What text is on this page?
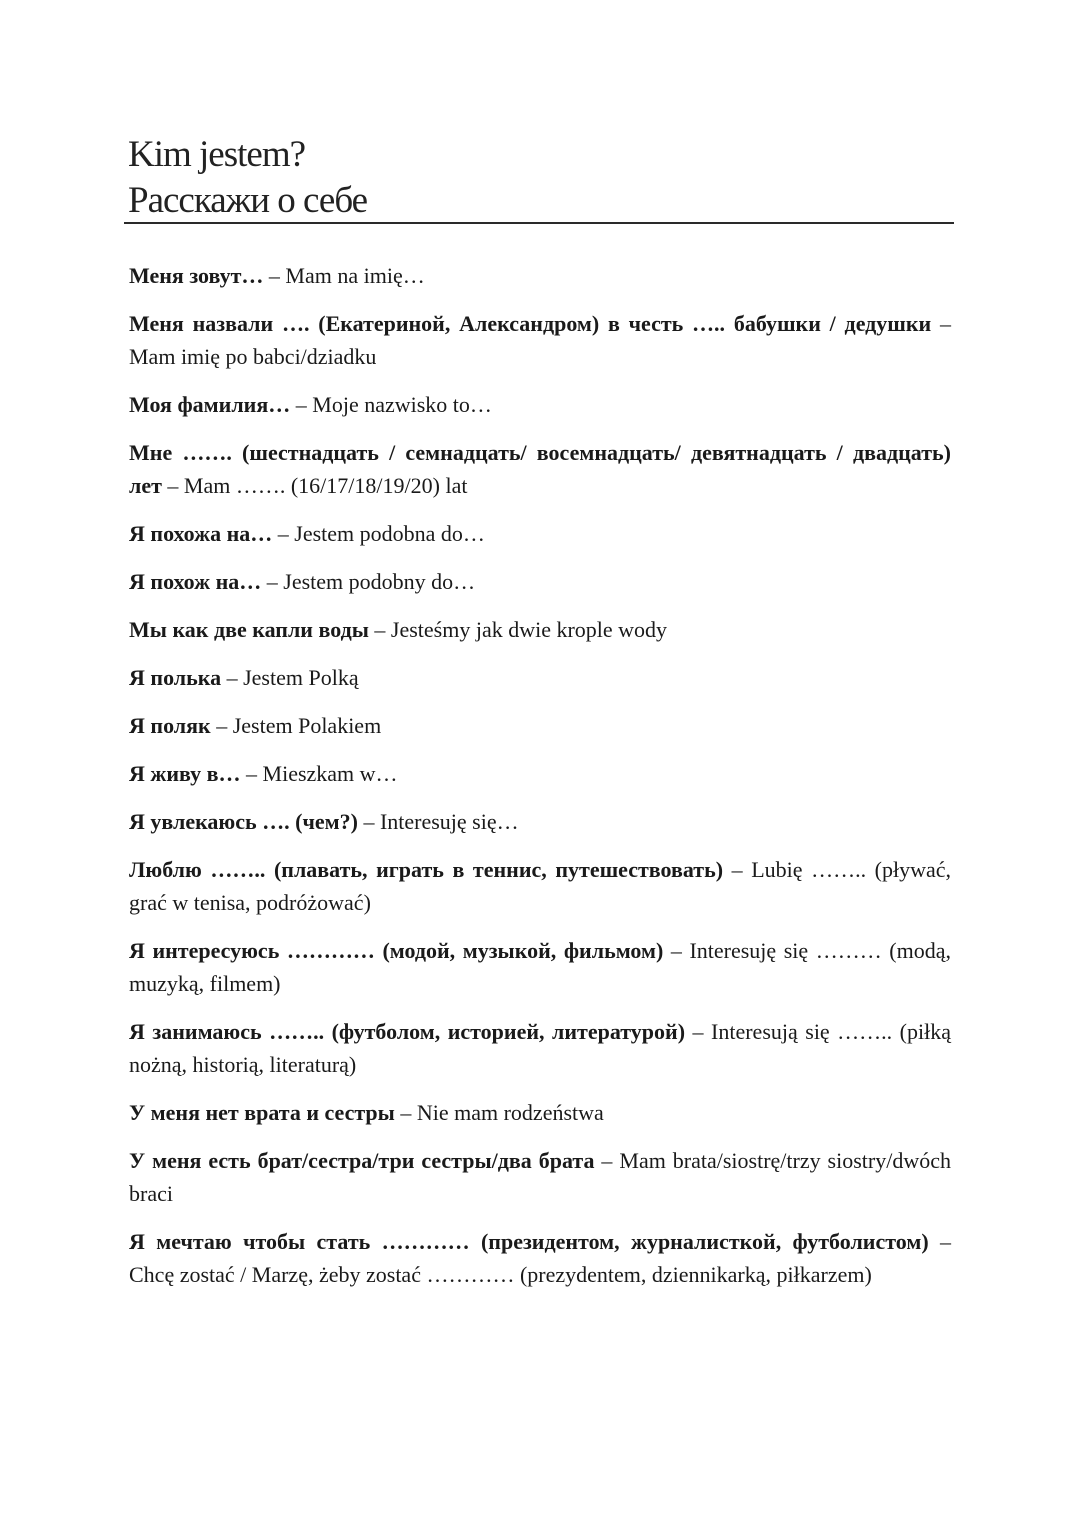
Kim jestem?
Расскажи о себе

Меня зовут… – Mam na imię…

Меня назвали …. (Екатериной, Александром) в честь ….. бабушки / дедушки – Mam imię po babci/dziadku

Моя фамилия… – Moje nazwisko to…

Мне ……. (шестнадцать / семнадцать/ восемнадцать/ девятнадцать / двадцать) лет – Mam ……. (16/17/18/19/20) lat

Я похожа на… – Jestem podobna do…

Я похож на… – Jestem podobny do…

Мы как две капли воды – Jesteśmy jak dwie krople wody

Я полька – Jestem Polką

Я поляк – Jestem Polakiem

Я живу в… – Mieszkam w…

Я увлекаюсь …. (чем?) – Interesuję się…

Люблю …….. (плавать, играть в теннис, путешествовать) – Lubię …….. (pływać, grać w tenisa, podróżować)

Я интересуюсь ………… (модой, музыкой, фильмом) – Interesuję się ……… (modą, muzyką, filmem)

Я занимаюсь …….. (футболом, историей, литературой) – Interesują się …….. (piłką nożną, historią, literaturą)

У меня нет врата и сестры – Nie mam rodzeństwa

У меня есть брат/сестра/три сестры/два брата – Mam brata/siostrę/trzy siostry/dwóch braci

Я мечтаю чтобы стать ………… (президентом, журналисткой, футболистом) – Chcę zostać / Marzę, żeby zostać ………… (prezydentem, dziennikarką, piłkarzem)
